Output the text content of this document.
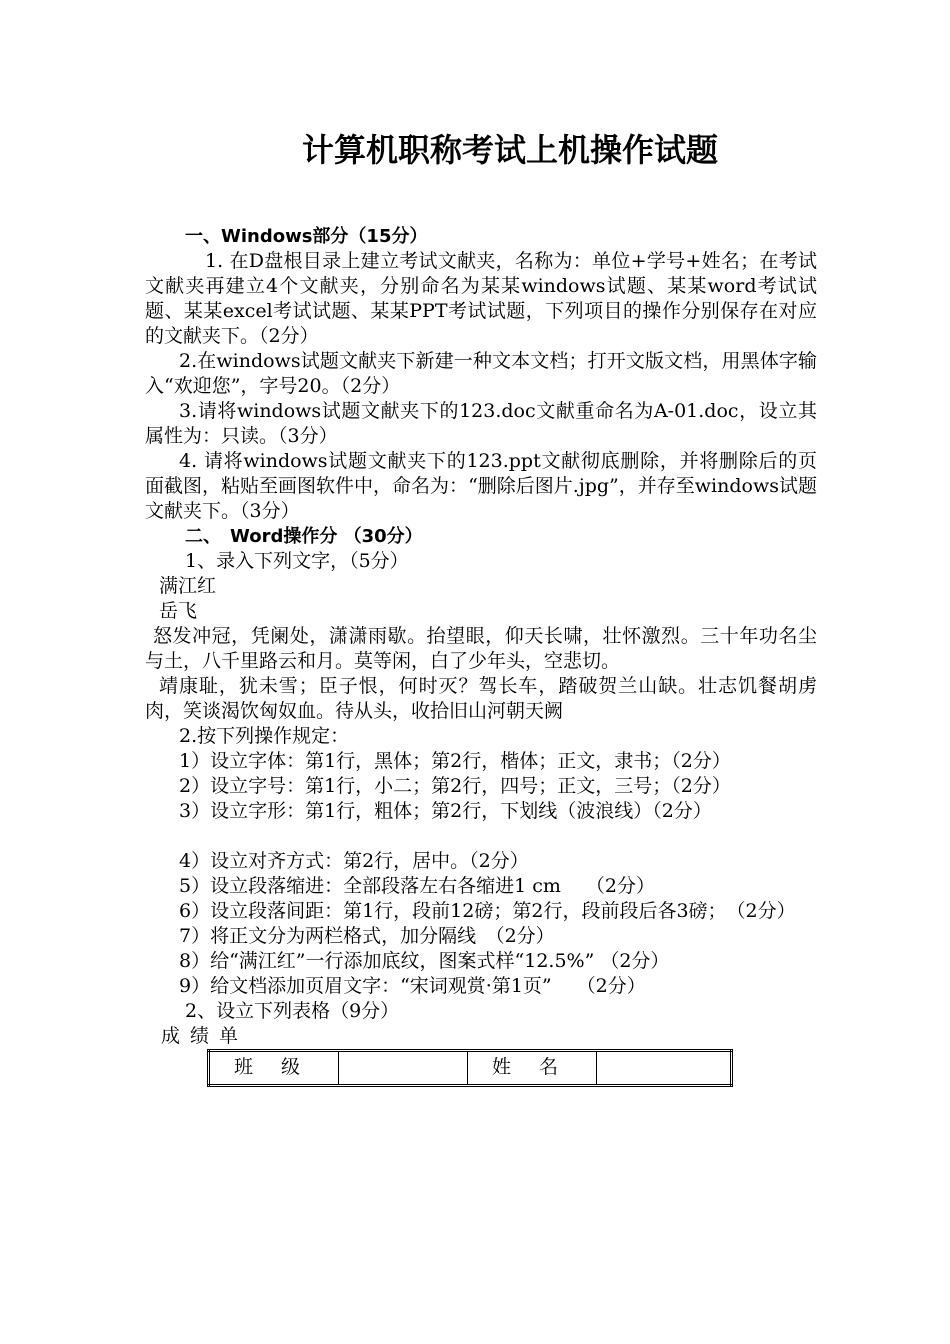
计算机职称考试上机操作试题

一、Windows部分（15分）

1. 在D盘根目录上建立考试文献夹，名称为：单位+学号+姓名；在考试文献夹再建立4个文献夹，分别命名为某某windows试题、某某word考试试题、某某excel考试试题、某某PPT考试试题，下列项目的操作分别保存在对应的文献夹下。（2分）

2.在windows试题文献夹下新建一种文本文档；打开文版文档，用黑体字输入“欢迎您”，字号20。（2分）

3.请将windows试题文献夹下的123.doc文献重命名为A-01.doc，设立其属性为：只读。（3分）

4. 请将windows试题文献夹下的123.ppt文献彻底删除，并将删除后的页面截图，粘贴至画图软件中，命名为：“删除后图片.jpg”，并存至windows试题文献夹下。（3分）

二、　Word操作分 （30分）

1、录入下列文字，（5分）

满江红

岳飞

怒发冲冠，凭阑处，潇潇雨歇。抬望眼，仰天长啸，壮怀激烈。三十年功名尘与土，八千里路云和月。莫等闲，白了少年头，空悲切。

靖康耻，犹未雪；臣子恨，何时灭？驾长车，踏破贺兰山缺。壮志饥餐胡虏肉，笑谈渴饮匈奴血。待从头，收拾旧山河朝天阙

2.按下列操作规定：

1）设立字体：第1行，黑体；第2行，楷体；正文，隶书；（2分）

2）设立字号：第1行，小二；第2行，四号；正文，三号；（2分）

3）设立字形：第1行，粗体；第2行，下划线（波浪线）（2分）

4）设立对齐方式：第2行，居中。（2分）

5）设立段落缩进：全部段落左右各缩进1 cm　 （2分）

6）设立段落间距：第1行，段前12磅；第2行，段前段后各3磅；　（2分）

7）将正文分为两栏格式，加分隔线　（2分）

8）给“满江红”一行添加底纹，图案式样“12.5%” （2分）

9）给文档添加页眉文字：“宋词观赏·第1页”　 （2分）

2、设立下列表格（9分）

成绩单

班级		姓名	
